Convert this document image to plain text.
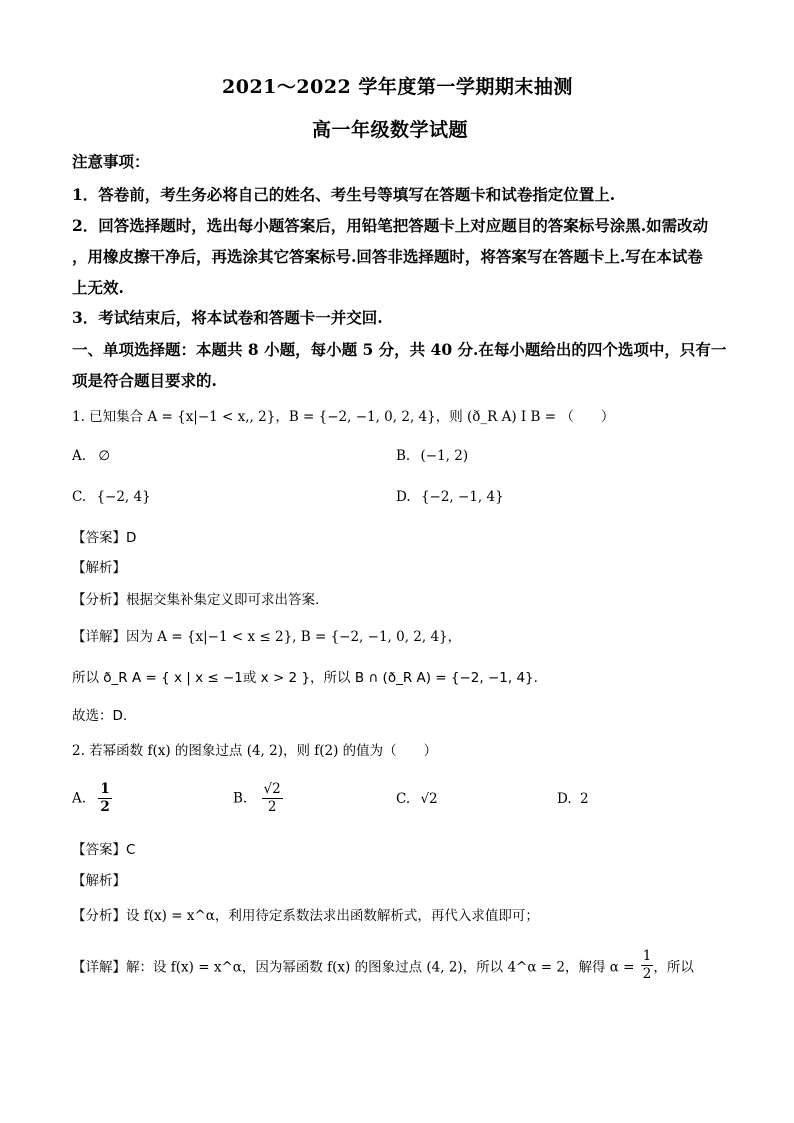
2021～2022 学年度第一学期期末抽测
高一年级数学试题
注意事项：
1．答卷前，考生务必将自己的姓名、考生号等填写在答题卡和试卷指定位置上.
2．回答选择题时，选出每小题答案后，用铅笔把答题卡上对应题目的答案标号涂黑.如需改动
，用橡皮擦干净后，再选涂其它答案标号.回答非选择题时，将答案写在答题卡上.写在本试卷
上无效.
3．考试结束后，将本试卷和答题卡一并交回.
一、单项选择题：本题共 8 小题，每小题 5 分，共 40 分.在每小题给出的四个选项中，只有一
项是符合题目要求的.
1. 已知集合 A = {x|−1 < x,, 2}，B = {−2, −1, 0, 2, 4}，则 (ð_R A) I B = （　　）
A. ∅	B. (−1, 2)
C. {−2, 4}	D. {−2, −1, 4}
【答案】D
【解析】
【分析】根据交集补集定义即可求出答案.
【详解】因为 A = {x|−1 < x ≤ 2}, B = {−2, −1, 0, 2, 4}，
所以 ð_R A = { x | x ≤ −1或 x > 2 }，所以 B ∩ (ð_R A) = {−2, −1, 4}.
故选：D.
2. 若幂函数 f(x) 的图象过点 (4, 2)，则 f(2) 的值为（　　）
A. $\frac{1}{2}$	B. $\frac{√2}{2}$	C. √2	D. 2
【答案】C
【解析】
【分析】设 f(x) = x^α，利用待定系数法求出函数解析式，再代入求值即可；
【详解】解：设 f(x) = x^α，因为幂函数 f(x) 的图象过点 (4, 2)，所以 4^α = 2，解得 $\alpha = \frac{1}{2}$ ，所以
